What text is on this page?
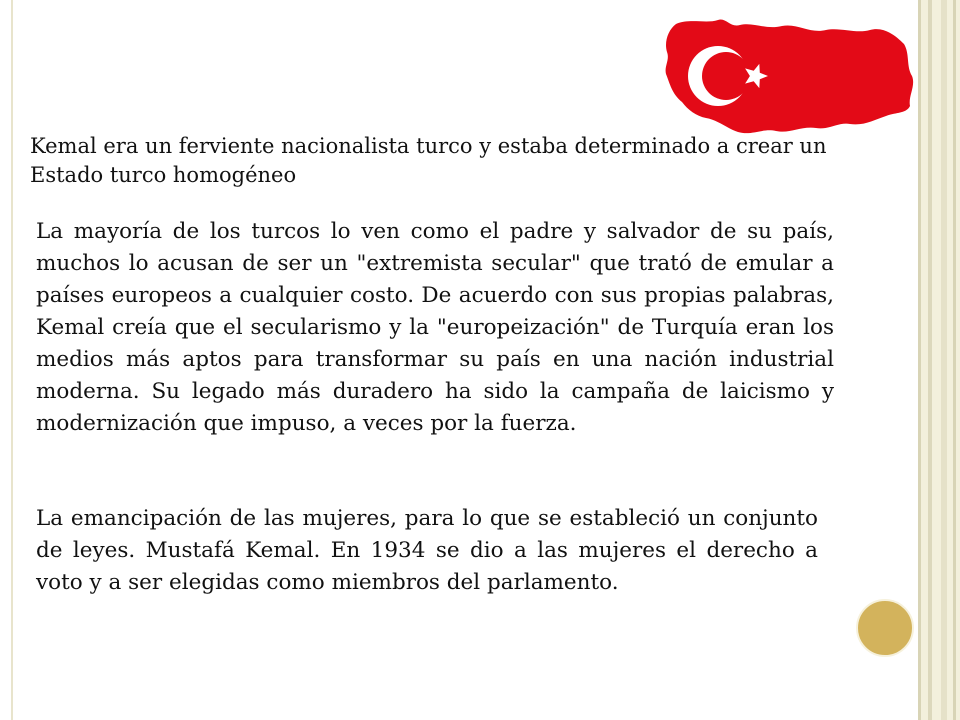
Kemal era un ferviente nacionalista turco y estaba determinado a crear un Estado turco homogéneo

La mayoría de los turcos lo ven como el padre y salvador de su país, muchos lo acusan de ser un "extremista secular" que trató de emular a países europeos a cualquier costo. De acuerdo con sus propias palabras, Kemal creía que el secularismo y la "europeización" de Turquía eran los medios más aptos para transformar su país en una nación industrial moderna. Su legado más duradero ha sido la campaña de laicismo y modernización que impuso, a veces por la fuerza.

La emancipación de las mujeres, para lo que se estableció un conjunto de leyes. Mustafá Kemal. En 1934 se dio a las mujeres el derecho a voto y a ser elegidas como miembros del parlamento.
